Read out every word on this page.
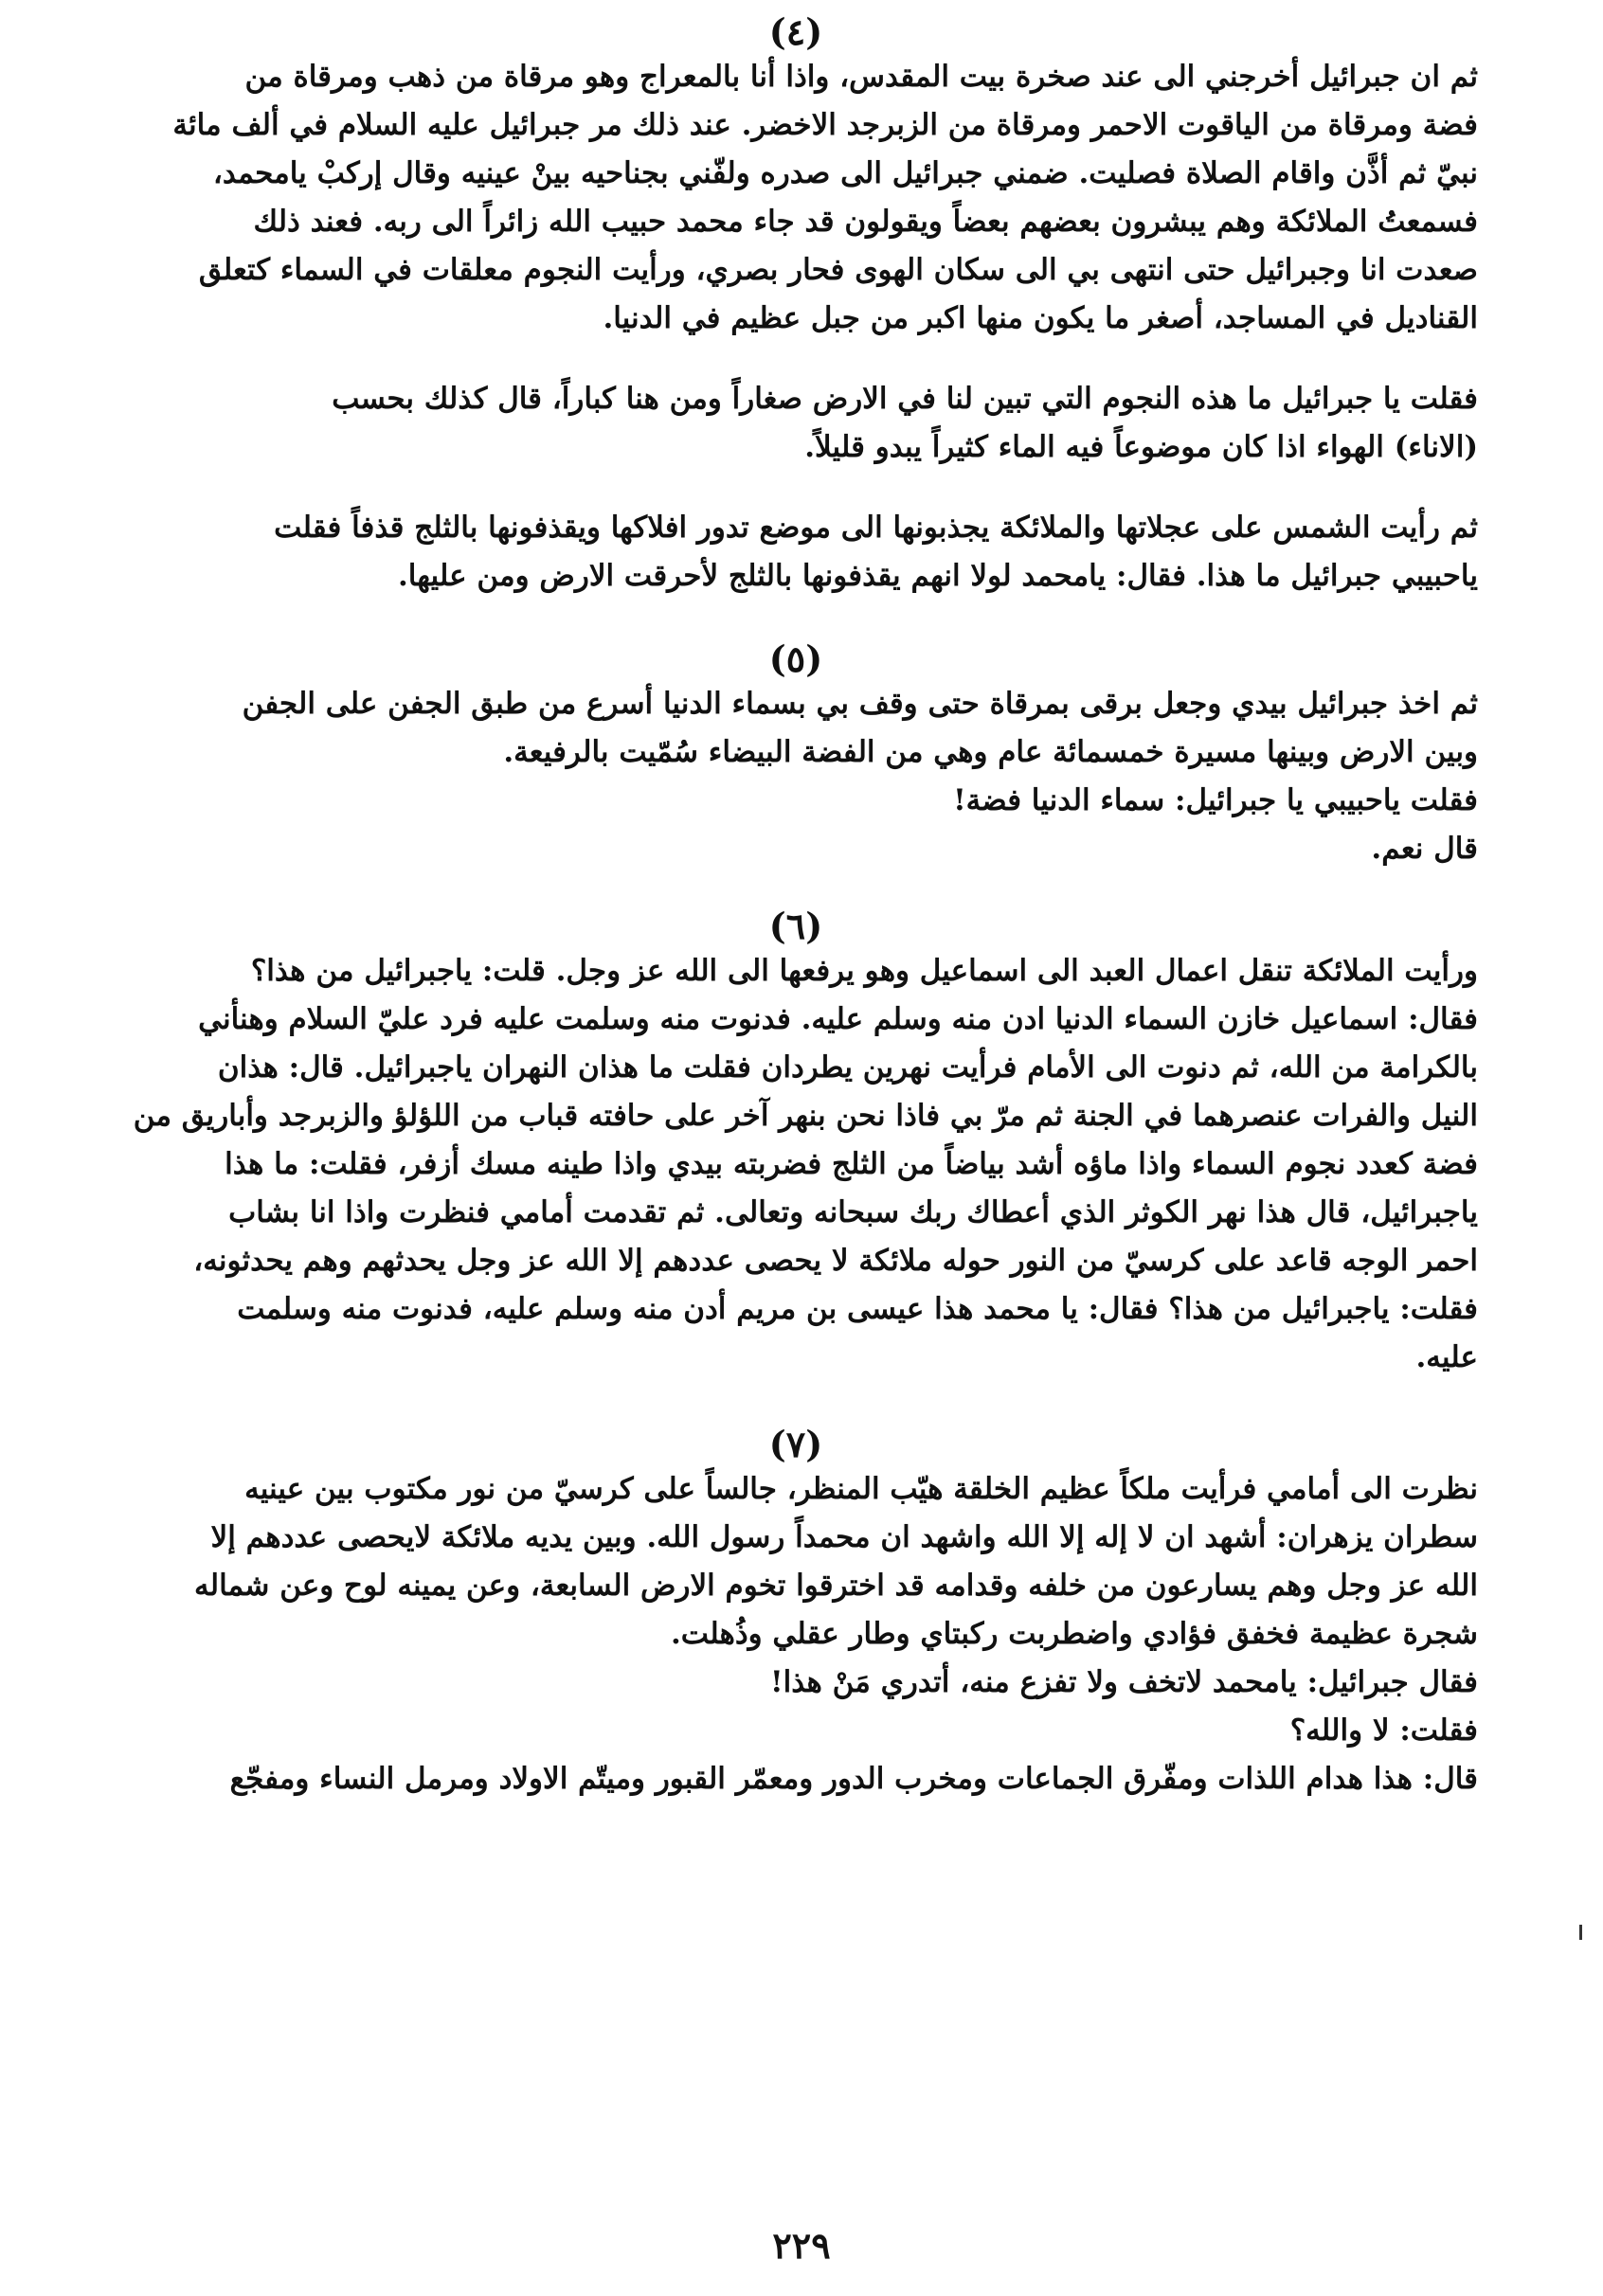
(٤)
ثم ان جبرائيل أخرجني الى عند صخرة بيت المقدس، واذا أنا بالمعراج وهو مرقاة من ذهب ومرقاة من
فضة ومرقاة من الياقوت الاحمر ومرقاة من الزبرجد الاخضر. عند ذلك مر جبرائيل عليه السلام في ألف مائة
نبيّ ثم أذَّن واقام الصلاة فصليت. ضمني جبرائيل الى صدره ولفّني بجناحيه بينْ عينيه وقال إركبْ يامحمد،
فسمعتُ الملائكة وهم يبشرون بعضهم بعضاً ويقولون قد جاء محمد حبيب الله زائراً الى ربه. فعند ذلك
صعدت انا وجبرائيل حتى انتهى بي الى سكان الهوى فحار بصري، ورأيت النجوم معلقات في السماء كتعلق
القناديل في المساجد، أصغر ما يكون منها اكبر من جبل عظيم في الدنيا.
فقلت يا جبرائيل ما هذه النجوم التي تبين لنا في الارض صغاراً ومن هنا كباراً، قال كذلك بحسب
(الاناء) الهواء اذا كان موضوعاً فيه الماء كثيراً يبدو قليلاً.
ثم رأيت الشمس على عجلاتها والملائكة يجذبونها الى موضع تدور افلاكها ويقذفونها بالثلج قذفاً فقلت
ياحبيبي جبرائيل ما هذا. فقال: يامحمد لولا انهم يقذفونها بالثلج لأحرقت الارض ومن عليها.
(٥)
ثم اخذ جبرائيل بيدي وجعل برقى بمرقاة حتى وقف بي بسماء الدنيا أسرع من طبق الجفن على الجفن
وبين الارض وبينها مسيرة خمسمائة عام وهي من الفضة البيضاء سُمّيت بالرفيعة.
فقلت ياحبيبي يا جبرائيل: سماء الدنيا فضة!
قال نعم.
(٦)
ورأيت الملائكة تنقل اعمال العبد الى اسماعيل وهو يرفعها الى الله عز وجل. قلت: ياجبرائيل من هذا؟
فقال: اسماعيل خازن السماء الدنيا ادن منه وسلم عليه. فدنوت منه وسلمت عليه فرد عليّ السلام وهنأني
بالكرامة من الله، ثم دنوت الى الأمام فرأيت نهرين يطردان فقلت ما هذان النهران ياجبرائيل. قال: هذان
النيل والفرات عنصرهما في الجنة ثم مرّ بي فاذا نحن بنهر آخر على حافته قباب من اللؤلؤ والزبرجد وأباريق من
فضة كعدد نجوم السماء واذا ماؤه أشد بياضاً من الثلج فضربته بيدي واذا طينه مسك أزفر، فقلت: ما هذا
ياجبرائيل، قال هذا نهر الكوثر الذي أعطاك ربك سبحانه وتعالى. ثم تقدمت أمامي فنظرت واذا انا بشاب
احمر الوجه قاعد على كرسيّ من النور حوله ملائكة لا يحصى عددهم إلا الله عز وجل يحدثهم وهم يحدثونه،
فقلت: ياجبرائيل من هذا؟ فقال: يا محمد هذا عيسى بن مريم أدن منه وسلم عليه، فدنوت منه وسلمت
عليه.
(٧)
نظرت الى أمامي فرأيت ملكاً عظيم الخلقة هيّب المنظر، جالساً على كرسيّ من نور مكتوب بين عينيه
سطران يزهران: أشهد ان لا إله إلا الله واشهد ان محمداً رسول الله. وبين يديه ملائكة لايحصى عددهم إلا
الله عز وجل وهم يسارعون من خلفه وقدامه قد اخترقوا تخوم الارض السابعة، وعن يمينه لوح وعن شماله
شجرة عظيمة فخفق فؤادي واضطربت ركبتاي وطار عقلي وذُهلت.
فقال جبرائيل: يامحمد لاتخف ولا تفزع منه، أتدري مَنْ هذا!
فقلت: لا والله؟
قال: هذا هدام اللذات ومفّرق الجماعات ومخرب الدور ومعمّر القبور وميتّم الاولاد ومرمل النساء ومفجّع
٢٢٩
